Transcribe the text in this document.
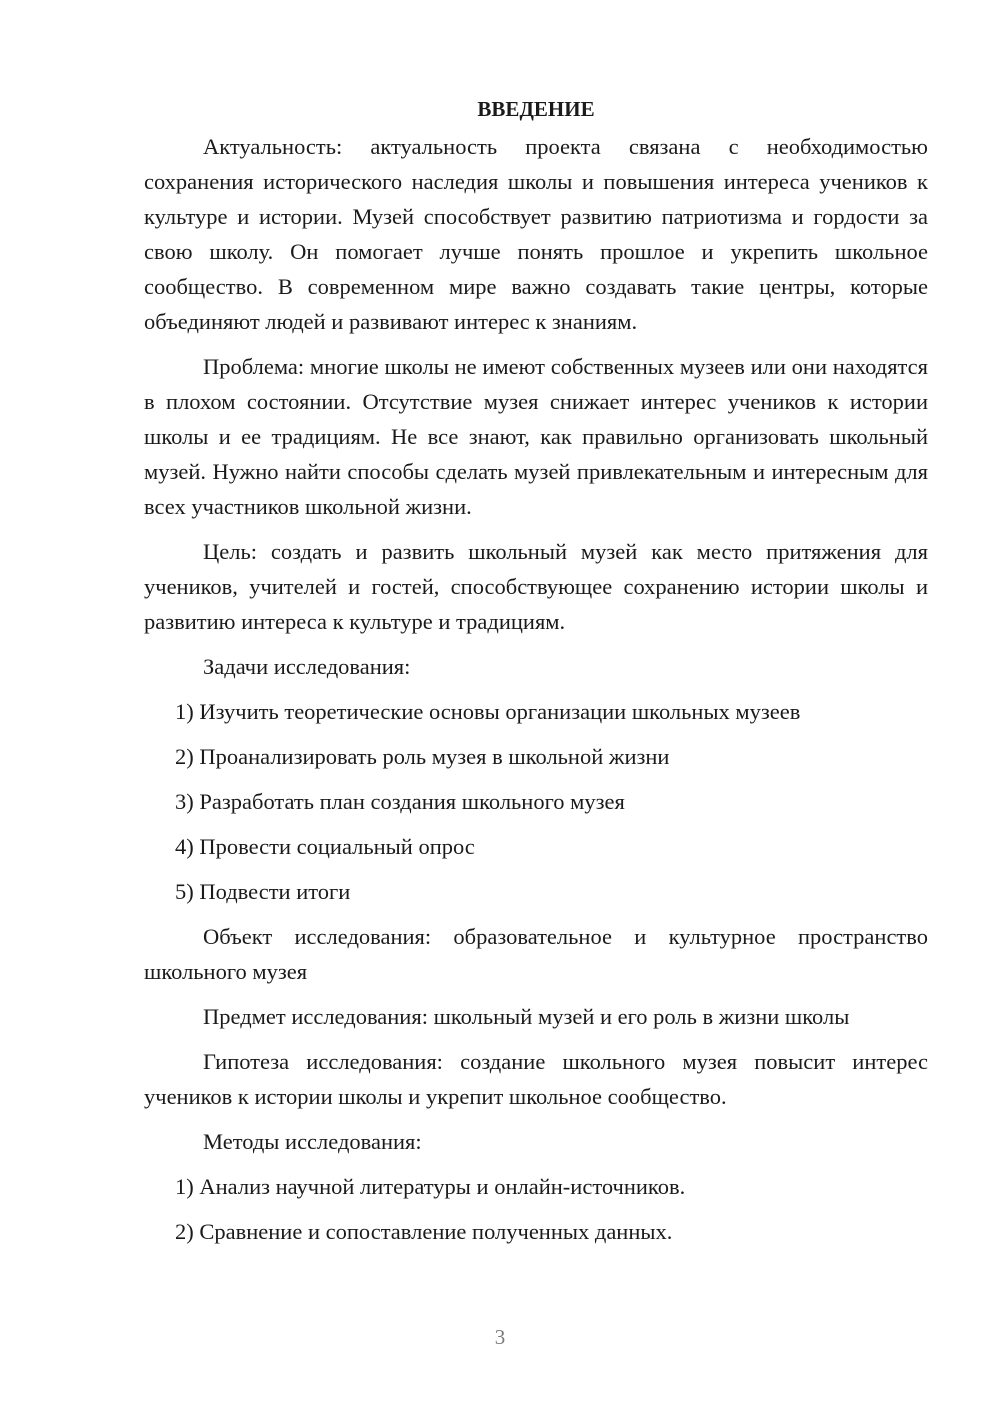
ВВЕДЕНИЕ

Актуальность: актуальность проекта связана с необходимостью сохранения исторического наследия школы и повышения интереса учеников к культуре и истории. Музей способствует развитию патриотизма и гордости за свою школу. Он помогает лучше понять прошлое и укрепить школьное сообщество. В современном мире важно создавать такие центры, которые объединяют людей и развивают интерес к знаниям.

Проблема: многие школы не имеют собственных музеев или они находятся в плохом состоянии. Отсутствие музея снижает интерес учеников к истории школы и ее традициям. Не все знают, как правильно организовать школьный музей. Нужно найти способы сделать музей привлекательным и интересным для всех участников школьной жизни.

Цель: создать и развить школьный музей как место притяжения для учеников, учителей и гостей, способствующее сохранению истории школы и развитию интереса к культуре и традициям.

Задачи исследования:

1) Изучить теоретические основы организации школьных музеев

2) Проанализировать роль музея в школьной жизни

3) Разработать план создания школьного музея

4) Провести социальный опрос

5) Подвести итоги

Объект исследования: образовательное и культурное пространство школьного музея

Предмет исследования: школьный музей и его роль в жизни школы

Гипотеза исследования: создание школьного музея повысит интерес учеников к истории школы и укрепит школьное сообщество.

Методы исследования:

1) Анализ научной литературы и онлайн-источников.

2) Сравнение и сопоставление полученных данных.

3
